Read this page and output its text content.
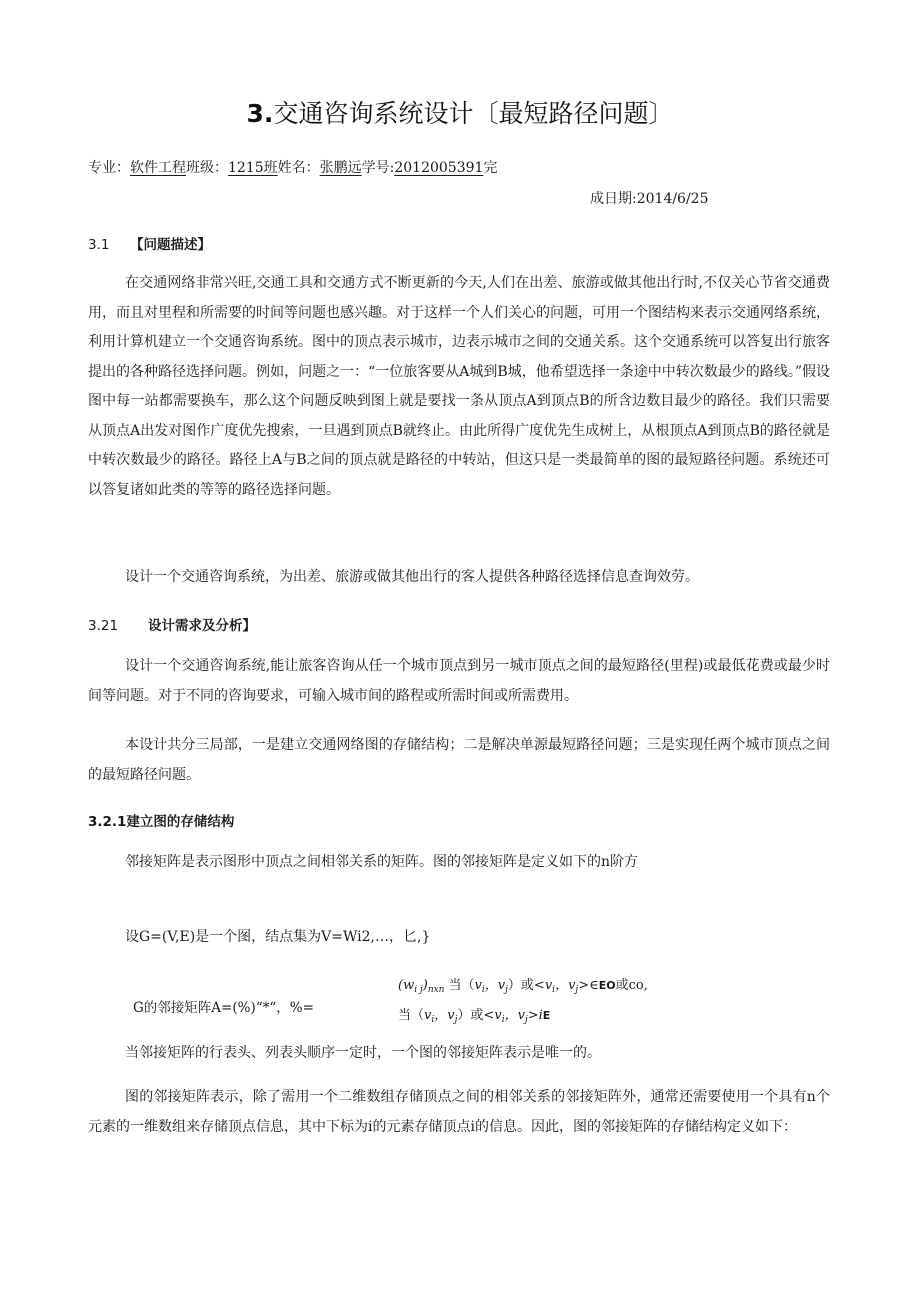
3.交通咨询系统设计〔最短路径问题〕
专业：软件工程班级：1215班姓名：张鹏远学号:2012005391完
成日期:2014/6/25
3.1 【问题描述】

在交通网络非常兴旺,交通工具和交通方式不断更新的今天,人们在出差、旅游或做其他出行时,不仅关心节省交通费用，而且对里程和所需要的时间等问题也感兴趣。对于这样一个人们关心的问题，可用一个图结构来表示交通网络系统，利用计算机建立一个交通咨询系统。图中的顶点表示城市，边表示城市之间的交通关系。这个交通系统可以答复出行旅客提出的各种路径选择问题。例如，问题之一：“一位旅客要从A城到B城，他希望选择一条途中中转次数最少的路线。”假设图中每一站都需要换车，那么这个问题反映到图上就是要找一条从顶点A到顶点B的所含边数目最少的路径。我们只需要从顶点A出发对图作广度优先搜索，一旦遇到顶点B就终止。由此所得广度优先生成树上，从根顶点A到顶点B的路径就是中转次数最少的路径。路径上A与B之间的顶点就是路径的中转站，但这只是一类最简单的图的最短路径问题。系统还可以答复诸如此类的等等的路径选择问题。

设计一个交通咨询系统，为出差、旅游或做其他出行的客人提供各种路径选择信息查询效劳。

3.21 设计需求及分析】

设计一个交通咨询系统,能让旅客咨询从任一个城市顶点到另一城市顶点之间的最短路径(里程)或最低花费或最少时间等问题。对于不同的咨询要求，可输入城市间的路程或所需时间或所需费用。

本设计共分三局部，一是建立交通网络图的存储结构；二是解决单源最短路径问题；三是实现任两个城市顶点之间的最短路径问题。

3.2.1建立图的存储结构

邻接矩阵是表示图形中顶点之间相邻关系的矩阵。图的邻接矩阵是定义如下的n阶方

设G=(V,E)是一个图，结点集为V=Wi2,…，匕,}
G的邻接矩阵A=(%)“*“，%=
$(w_{i j})_{nxn}$ 当（$v_i$，$v_j$）或$<v_i$，$v_j>\in EO$或co,
当（$v_i$，$v_j$）或$<v_i$，$v_j>iE$

当邻接矩阵的行表头、列表头顺序一定时，一个图的邻接矩阵表示是唯一的。

图的邻接矩阵表示，除了需用一个二维数组存储顶点之间的相邻关系的邻接矩阵外，通常还需要使用一个具有n个元素的一维数组来存储顶点信息，其中下标为i的元素存储顶点i的信息。因此，图的邻接矩阵的存储结构定义如下：
